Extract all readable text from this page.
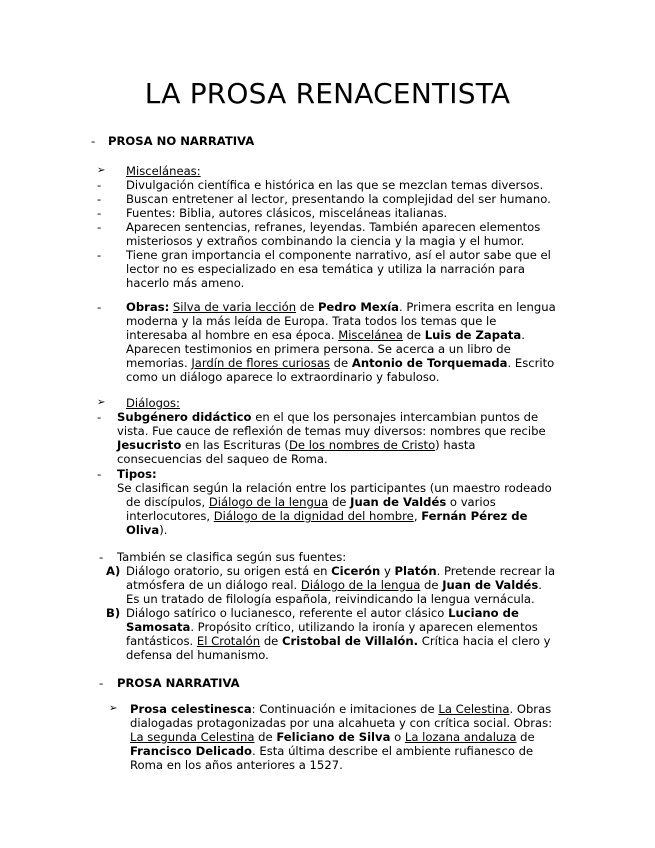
LA PROSA RENACENTISTA
- PROSA NO NARRATIVA
➢ Misceláneas:
- Divulgación científica e histórica en las que se mezclan temas diversos.
- Buscan entretener al lector, presentando la complejidad del ser humano.
- Fuentes: Biblia, autores clásicos, misceláneas italianas.
- Aparecen sentencias, refranes, leyendas. También aparecen elementos
misteriosos y extraños combinando la ciencia y la magia y el humor.
- Tiene gran importancia el componente narrativo, así el autor sabe que el
lector no es especializado en esa temática y utiliza la narración para
hacerlo más ameno.
- Obras: Silva de varia lección de Pedro Mexía. Primera escrita en lengua
moderna y la más leída de Europa. Trata todos los temas que le
interesaba al hombre en esa época. Miscelánea de Luis de Zapata.
Aparecen testimonios en primera persona. Se acerca a un libro de
memorias. Jardín de flores curiosas de Antonio de Torquemada. Escrito
como un diálogo aparece lo extraordinario y fabuloso.
➢ Diálogos:
- Subgénero didáctico en el que los personajes intercambian puntos de
vista. Fue cauce de reflexión de temas muy diversos: nombres que recibe
Jesucristo en las Escrituras (De los nombres de Cristo) hasta
consecuencias del saqueo de Roma.
- Tipos:
Se clasifican según la relación entre los participantes (un maestro rodeado
de discípulos, Diálogo de la lengua de Juan de Valdés o varios
interlocutores, Diálogo de la dignidad del hombre, Fernán Pérez de
Oliva).
- También se clasifica según sus fuentes:
A) Diálogo oratorio, su origen está en Cicerón y Platón. Pretende recrear la
atmósfera de un diálogo real. Diálogo de la lengua de Juan de Valdés.
Es un tratado de filología española, reivindicando la lengua vernácula.
B) Diálogo satírico o lucianesco, referente el autor clásico Luciano de
Samosata. Propósito crítico, utilizando la ironía y aparecen elementos
fantásticos. El Crotalón de Cristobal de Villalón. Crítica hacia el clero y
defensa del humanismo.
- PROSA NARRATIVA
➢ Prosa celestinesca: Continuación e imitaciones de La Celestina. Obras
dialogadas protagonizadas por una alcahueta y con crítica social. Obras:
La segunda Celestina de Feliciano de Silva o La lozana andaluza de
Francisco Delicado. Esta última describe el ambiente rufianesco de
Roma en los años anteriores a 1527.
